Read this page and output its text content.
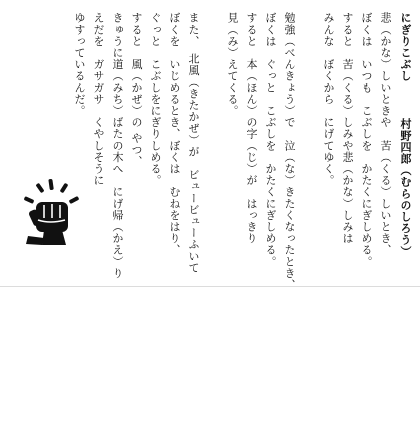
にぎりこぶし
村野四郎（むらのしろう）
悲（かな）しいときや　苦（くる）しいとき、
ぼくは　いつも　こぶしを　かたくにぎしめる。
すると　苦（くる）しみや悲（かな）しみは
みんな　ぼくから　にげてゆく。
勉強（べんきょう）で　泣（な）きたくなったとき、
ぼくは　ぐっと　こぶしを　かたくにぎしめる。
すると　本（ほん）の字（じ）が　はっきり
見（み）えてくる。
また、　北風（きたかぜ）が　ビュービューふいて
ぼくを　いじめるとき、ぼくは　むねをはり、
ぐっと　こぶしをにぎりしめる。
すると　風（かぜ）の やつ、
きゅうに道（みち）ばたの木へ　にげ帰（かえ）り
えだを　ガサガサ　くやしそうに
ゆすっているんだ。
